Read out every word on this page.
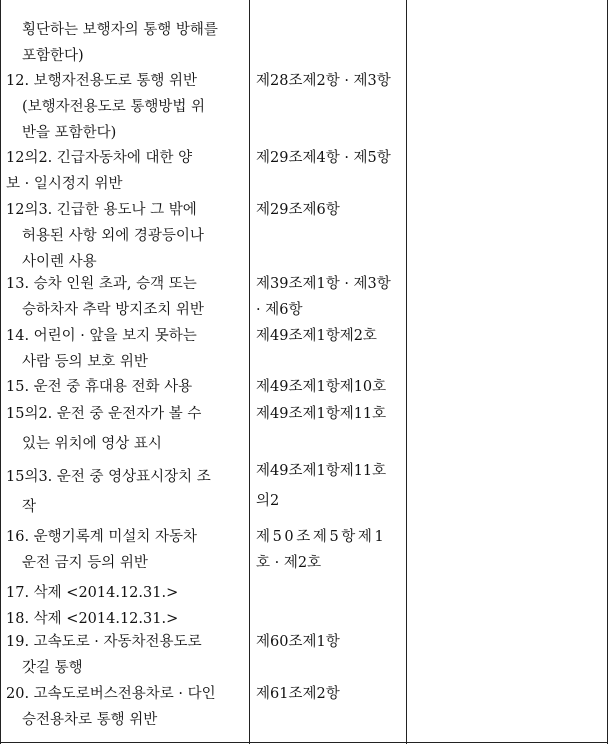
횡단하는 보행자의 통행 방해를
포함한다)
12. 보행자전용도로 통행 위반
(보행자전용도로 통행방법 위
반을 포함한다)
제28조제2항 · 제3항
12의2. 긴급자동차에 대한 양
보 · 일시정지 위반
제29조제4항 · 제5항
12의3. 긴급한 용도나 그 밖에
허용된 사항 외에 경광등이나
사이렌 사용
제29조제6항
13. 승차 인원 초과, 승객 또는
승하차자 추락 방지조치 위반
제39조제1항 · 제3항
· 제6항
14. 어린이 · 앞을 보지 못하는
사람 등의 보호 위반
제49조제1항제2호
15. 운전 중 휴대용 전화 사용	제49조제1항제10호
15의2. 운전 중 운전자가 볼 수
있는 위치에 영상 표시
제49조제1항제11호
15의3. 운전 중 영상표시장치 조
작
제49조제1항제11호
의2
16. 운행기록계 미설치 자동차
운전 금지 등의 위반
제50조제5항제1
호 · 제2호
17. 삭제 <2014.12.31.>
18. 삭제 <2014.12.31.>
19. 고속도로 · 자동차전용도로
갓길 통행
제60조제1항
20. 고속도로버스전용차로 · 다인
승전용차로 통행 위반
제61조제2항
